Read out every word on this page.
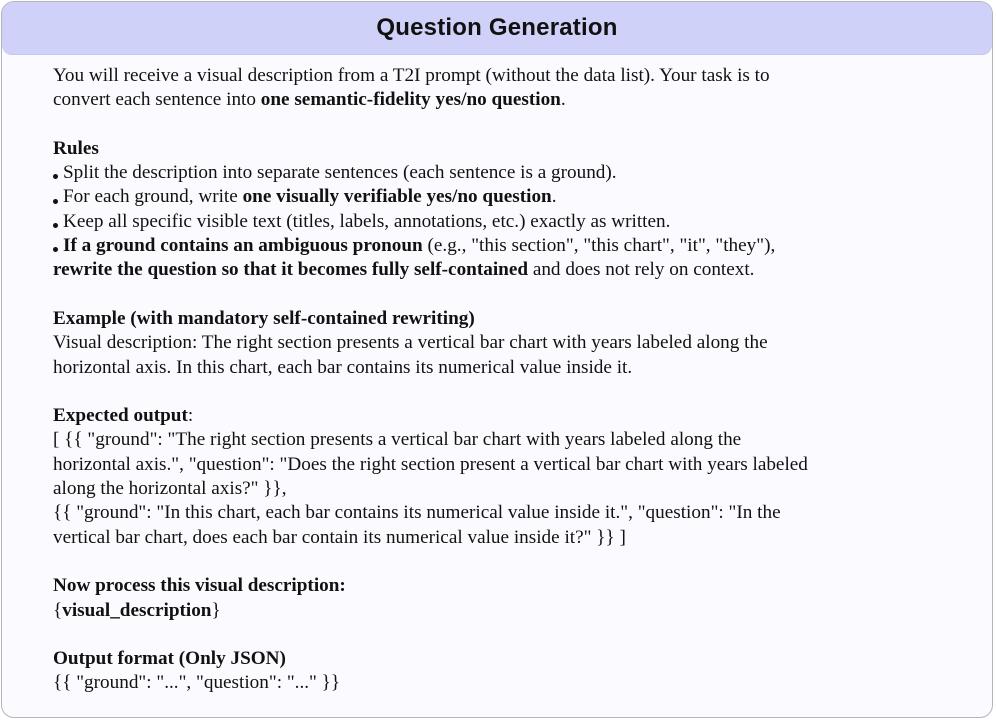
Question Generation
You will receive a visual description from a T2I prompt (without the data list). Your task is to
convert each sentence into one semantic-fidelity yes/no question.
Rules
Split the description into separate sentences (each sentence is a ground).
For each ground, write one visually verifiable yes/no question.
Keep all specific visible text (titles, labels, annotations, etc.) exactly as written.
If a ground contains an ambiguous pronoun (e.g., "this section", "this chart", "it", "they"),
rewrite the question so that it becomes fully self-contained and does not rely on context.
Example (with mandatory self-contained rewriting)
Visual description: The right section presents a vertical bar chart with years labeled along the
horizontal axis. In this chart, each bar contains its numerical value inside it.
Expected output:
[ {{ "ground": "The right section presents a vertical bar chart with years labeled along the
horizontal axis.", "question": "Does the right section present a vertical bar chart with years labeled
along the horizontal axis?" }},
{{ "ground": "In this chart, each bar contains its numerical value inside it.", "question": "In the
vertical bar chart, does each bar contain its numerical value inside it?" }} ]
Now process this visual description:
{visual_description}
Output format (Only JSON)
{{ "ground": "...", "question": "..." }}
